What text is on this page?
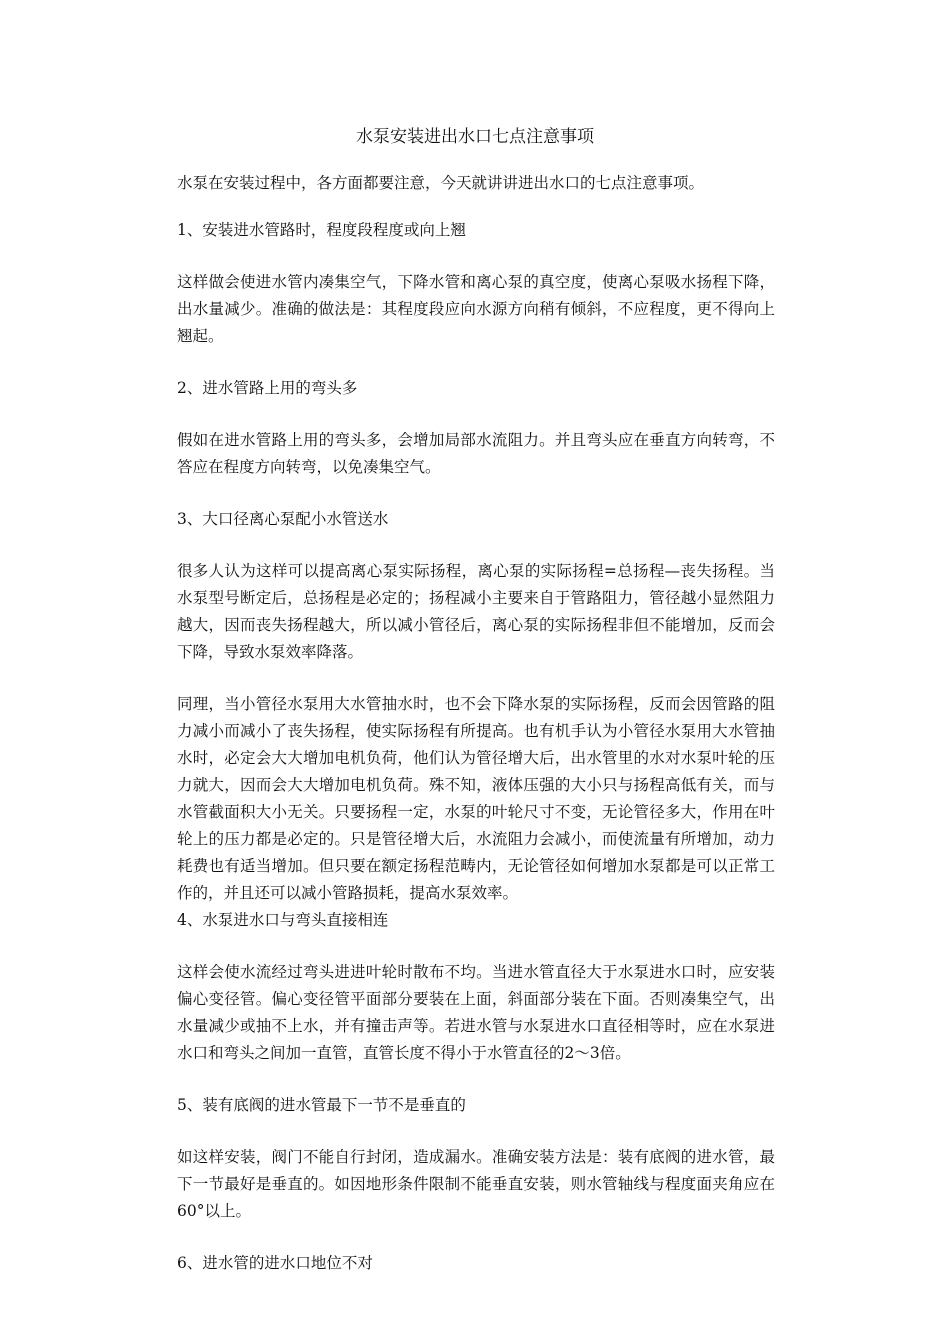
水泵安装进出水口七点注意事项

水泵在安装过程中，各方面都要注意，今天就讲讲进出水口的七点注意事项。

1、安装进水管路时，程度段程度或向上翘

这样做会使进水管内凑集空气，下降水管和离心泵的真空度，使离心泵吸水扬程下降，出水量减少。准确的做法是：其程度段应向水源方向稍有倾斜，不应程度，更不得向上翘起。

2、进水管路上用的弯头多

假如在进水管路上用的弯头多，会增加局部水流阻力。并且弯头应在垂直方向转弯，不答应在程度方向转弯，以免凑集空气。

3、大口径离心泵配小水管送水

很多人认为这样可以提高离心泵实际扬程，离心泵的实际扬程=总扬程—丧失扬程。当水泵型号断定后，总扬程是必定的；扬程减小主要来自于管路阻力，管径越小显然阻力越大，因而丧失扬程越大，所以减小管径后，离心泵的实际扬程非但不能增加，反而会下降，导致水泵效率降落。

同理，当小管径水泵用大水管抽水时，也不会下降水泵的实际扬程，反而会因管路的阻力减小而减小了丧失扬程，使实际扬程有所提高。也有机手认为小管径水泵用大水管抽水时，必定会大大增加电机负荷，他们认为管径增大后，出水管里的水对水泵叶轮的压力就大，因而会大大增加电机负荷。殊不知，液体压强的大小只与扬程高低有关，而与水管截面积大小无关。只要扬程一定，水泵的叶轮尺寸不变，无论管径多大，作用在叶轮上的压力都是必定的。只是管径增大后，水流阻力会减小，而使流量有所增加，动力耗费也有适当增加。但只要在额定扬程范畴内，无论管径如何增加水泵都是可以正常工作的，并且还可以减小管路损耗，提高水泵效率。

4、水泵进水口与弯头直接相连

这样会使水流经过弯头进进叶轮时散布不均。当进水管直径大于水泵进水口时，应安装偏心变径管。偏心变径管平面部分要装在上面，斜面部分装在下面。否则凑集空气，出水量减少或抽不上水，并有撞击声等。若进水管与水泵进水口直径相等时，应在水泵进水口和弯头之间加一直管，直管长度不得小于水管直径的2～3倍。

5、装有底阀的进水管最下一节不是垂直的

如这样安装，阀门不能自行封闭，造成漏水。准确安装方法是：装有底阀的进水管，最下一节最好是垂直的。如因地形条件限制不能垂直安装，则水管轴线与程度面夹角应在60°以上。

6、进水管的进水口地位不对
